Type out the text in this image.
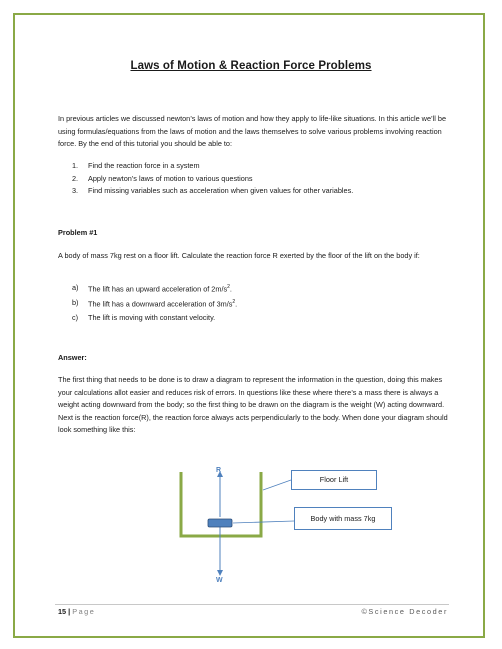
Laws of Motion & Reaction Force Problems
In previous articles we discussed newton’s laws of motion and how they apply to life-like situations. In this article we’ll be using formulas/equations from the laws of motion and the laws themselves to solve various problems involving reaction force. By the end of this tutorial you should be able to:
1. Find the reaction force in a system
2. Apply newton’s laws of motion to various questions
3. Find missing variables such as acceleration when given values for other variables.
Problem #1
A body of mass 7kg rest on a floor lift. Calculate the reaction force R exerted by the floor of the lift on the body if:
a) The lift has an upward acceleration of $2m/s^2$.
b) The lift has a downward acceleration of $3m/s^2$.
c) The lift is moving with constant velocity.
Answer:
The first thing that needs to be done is to draw a diagram to represent the information in the question, doing this makes your calculations allot easier and reduces risk of errors. In questions like these where there’s a mass there is always a weight acting downward from the body; so the first thing to be drawn on the diagram is the weight (W) acting downward. Next is the reaction force(R), the reaction force always acts perpendicularly to the body. When done your diagram should look something like this:
R
W
Floor Lift
Body with mass 7kg
15 | Page	©Science Decoder
